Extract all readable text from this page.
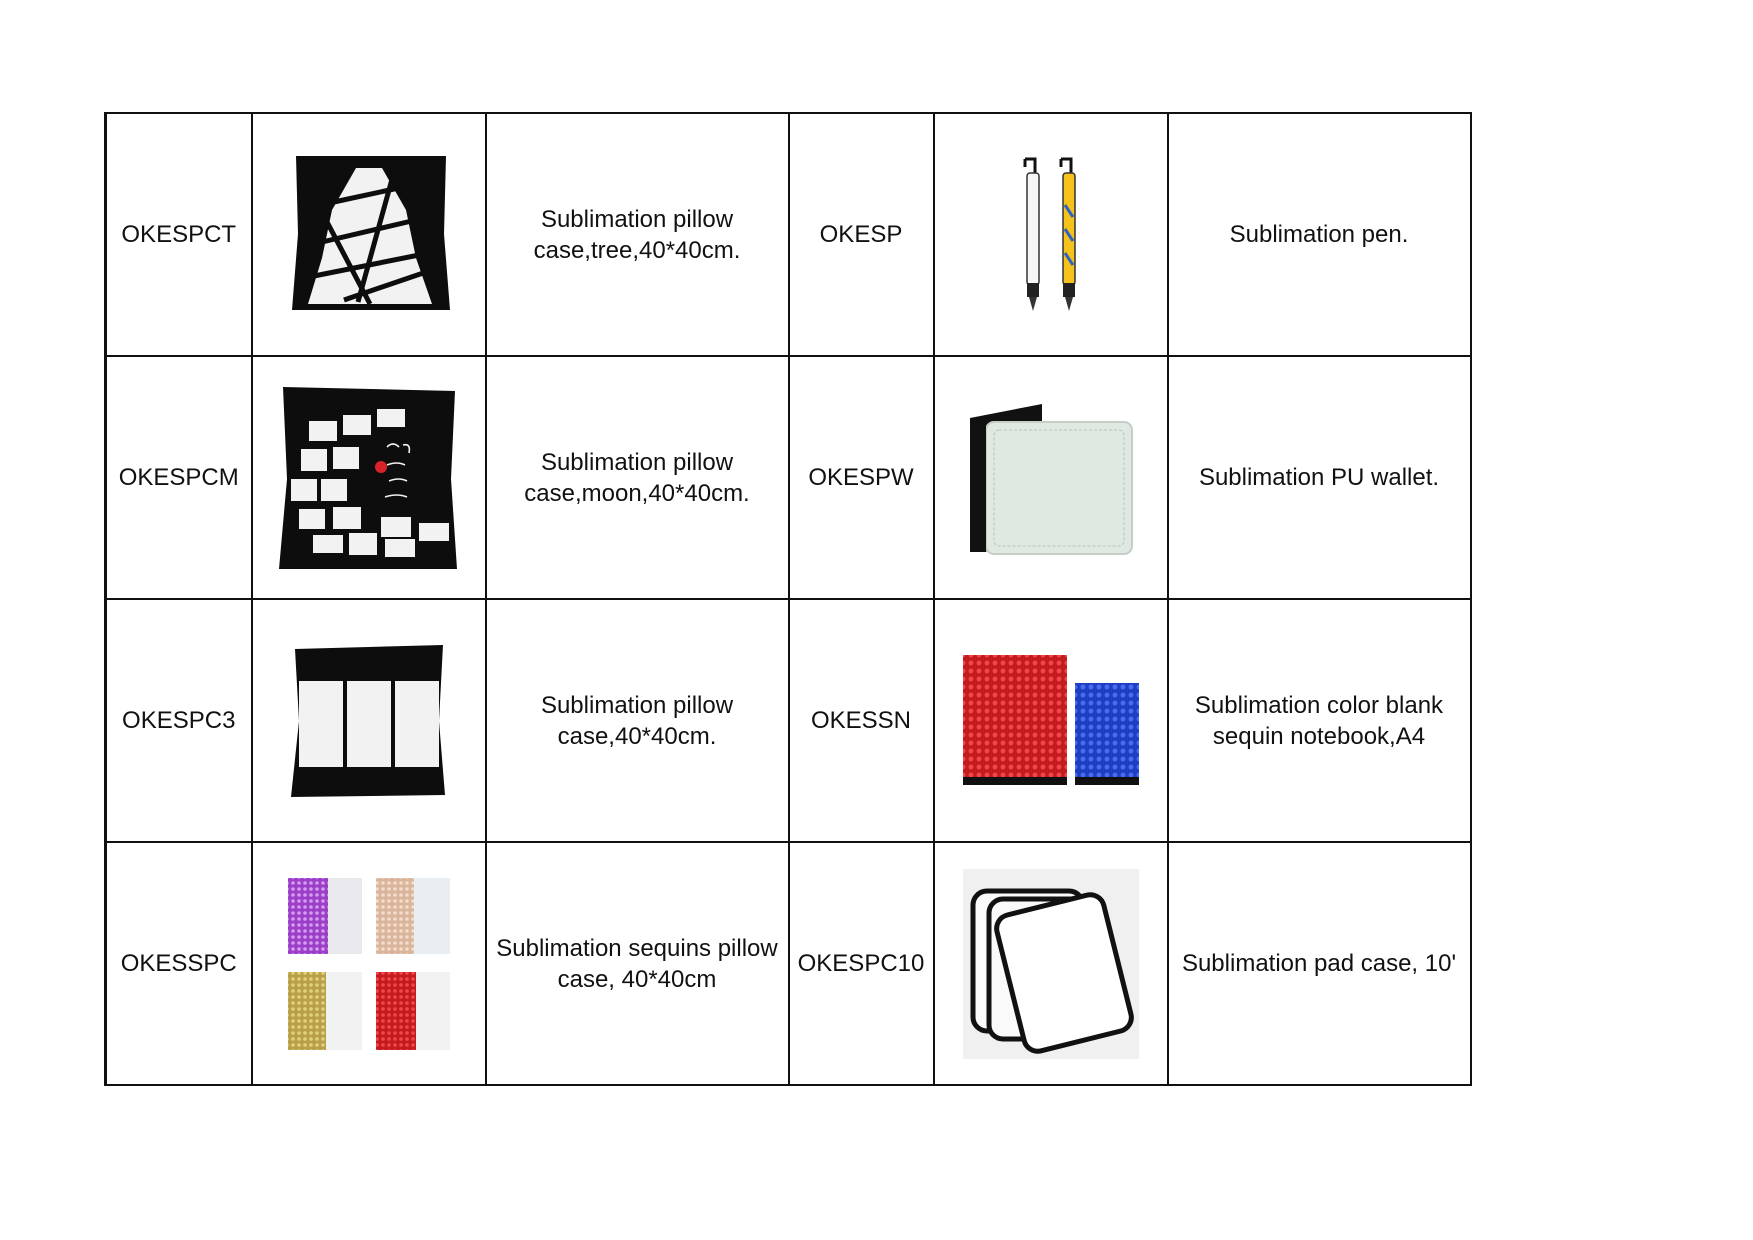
OKESPCT		Sublimation pillow case,tree,40*40cm.	OKESP		Sublimation pen.
OKESPCM		Sublimation pillow case,moon,40*40cm.	OKESPW		Sublimation PU wallet.
OKESPC3		Sublimation pillow case,40*40cm.	OKESSN		Sublimation color blank sequin notebook,A4
OKESSPC		Sublimation sequins pillow case, 40*40cm	OKESPC10		Sublimation pad case, 10'
